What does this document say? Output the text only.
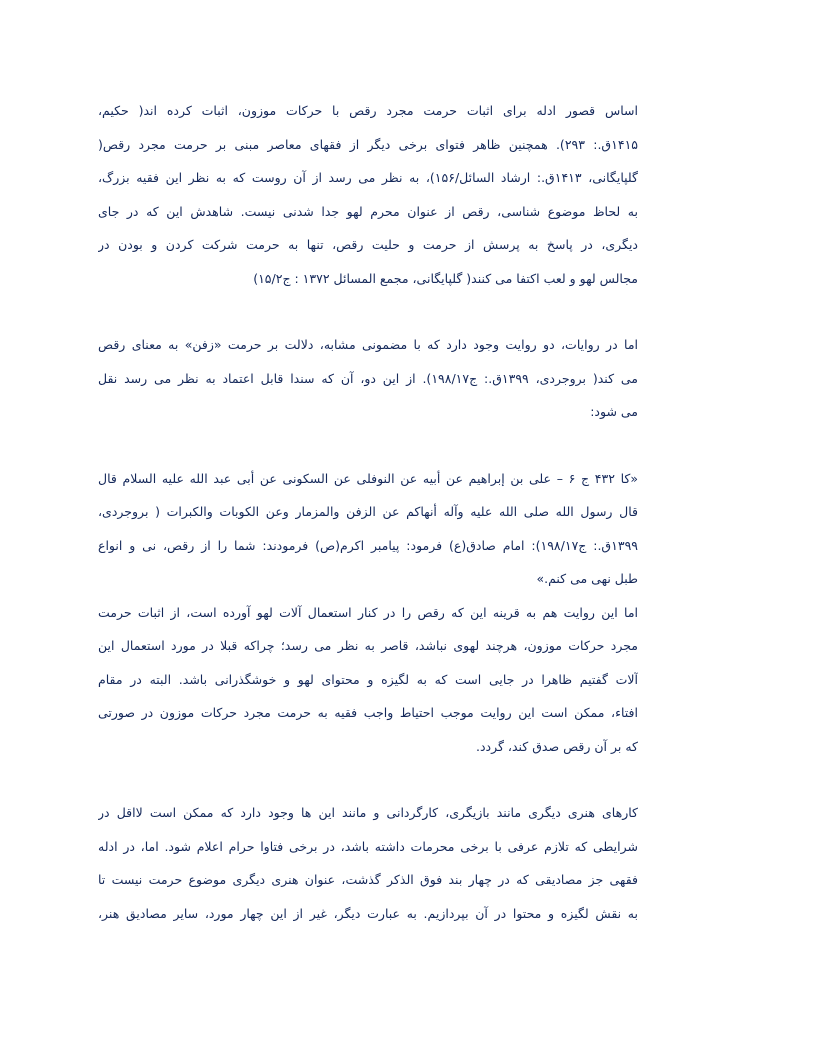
اساس قصور ادله برای اثبات حرمت مجرد رقص با حرکات موزون، اثبات کرده اند( حکیم،
۱۴۱۵ق.: ۲۹۳). همچنین ظاهر فتوای برخی دیگر از فقهای معاصر مبنی بر حرمت مجرد رقص(
گلپایگانی، ۱۴۱۳ق.: ارشاد السائل/۱۵۶)، به نظر می رسد از آن روست که به نظر این فقیه بزرگ،
به لحاظ موضوع شناسی، رقص از عنوان محرم لهو جدا شدنی نیست. شاهدش این که در جای
دیگری، در پاسخ به پرسش از حرمت و حلیت رقص، تنها به حرمت شرکت کردن و بودن در
مجالس لهو و لعب اکتفا می کنند( گلپایگانی، مجمع المسائل ۱۳۷۲ : ج۱۵/۲)
اما در روایات، دو روایت وجود دارد که با مضمونی مشابه، دلالت بر حرمت «زفن» به معنای رقص
می کند( بروجردی، ۱۳۹۹ق.: ج۱۹۸/۱۷). از این دو، آن که سندا قابل اعتماد به نظر می رسد نقل
می شود:
«کا ۴۳۲ ج ۶ – علی بن إبراهیم عن أبیه عن النوفلی عن السکونی عن أبی عبد الله علیه السلام قال
قال رسول الله صلی الله علیه وآله أنهاکم عن الزفن والمزمار وعن الکوبات والکبرات ( بروجردی،
۱۳۹۹ق.: ج۱۹۸/۱۷): امام صادق(ع) فرمود: پیامبر اکرم(ص) فرمودند: شما را از رقص، نی و انواع
طبل نهی می کنم.»
اما این روایت هم به قرینه این که رقص را در کنار استعمال آلات لهو آورده است، از اثبات حرمت
مجرد حرکات موزون، هرچند لهوی نباشد، قاصر به نظر می رسد؛ چراکه قبلا در مورد استعمال این
آلات گفتیم ظاهرا در جایی است که به لگیزه و محتوای لهو و خوشگذرانی باشد. البته در مقام
افتاء، ممکن است این روایت موجب احتیاط واجب فقیه به حرمت مجرد حرکات موزون در صورتی
که بر آن رقص صدق کند، گردد.
کارهای هنری دیگری مانند بازیگری، کارگردانی و مانند این ها وجود دارد که ممکن است لااقل در
شرایطی که تلازم عرفی با برخی محرمات داشته باشد، در برخی فتاوا حرام اعلام شود. اما، در ادله
فقهی جز مصادیقی که در چهار بند فوق الذکر گذشت، عنوان هنری دیگری موضوع حرمت نیست تا
به نقش لگیزه و محتوا در آن بپردازیم. به عبارت دیگر، غیر از این چهار مورد، سایر مصادیق هنر،
